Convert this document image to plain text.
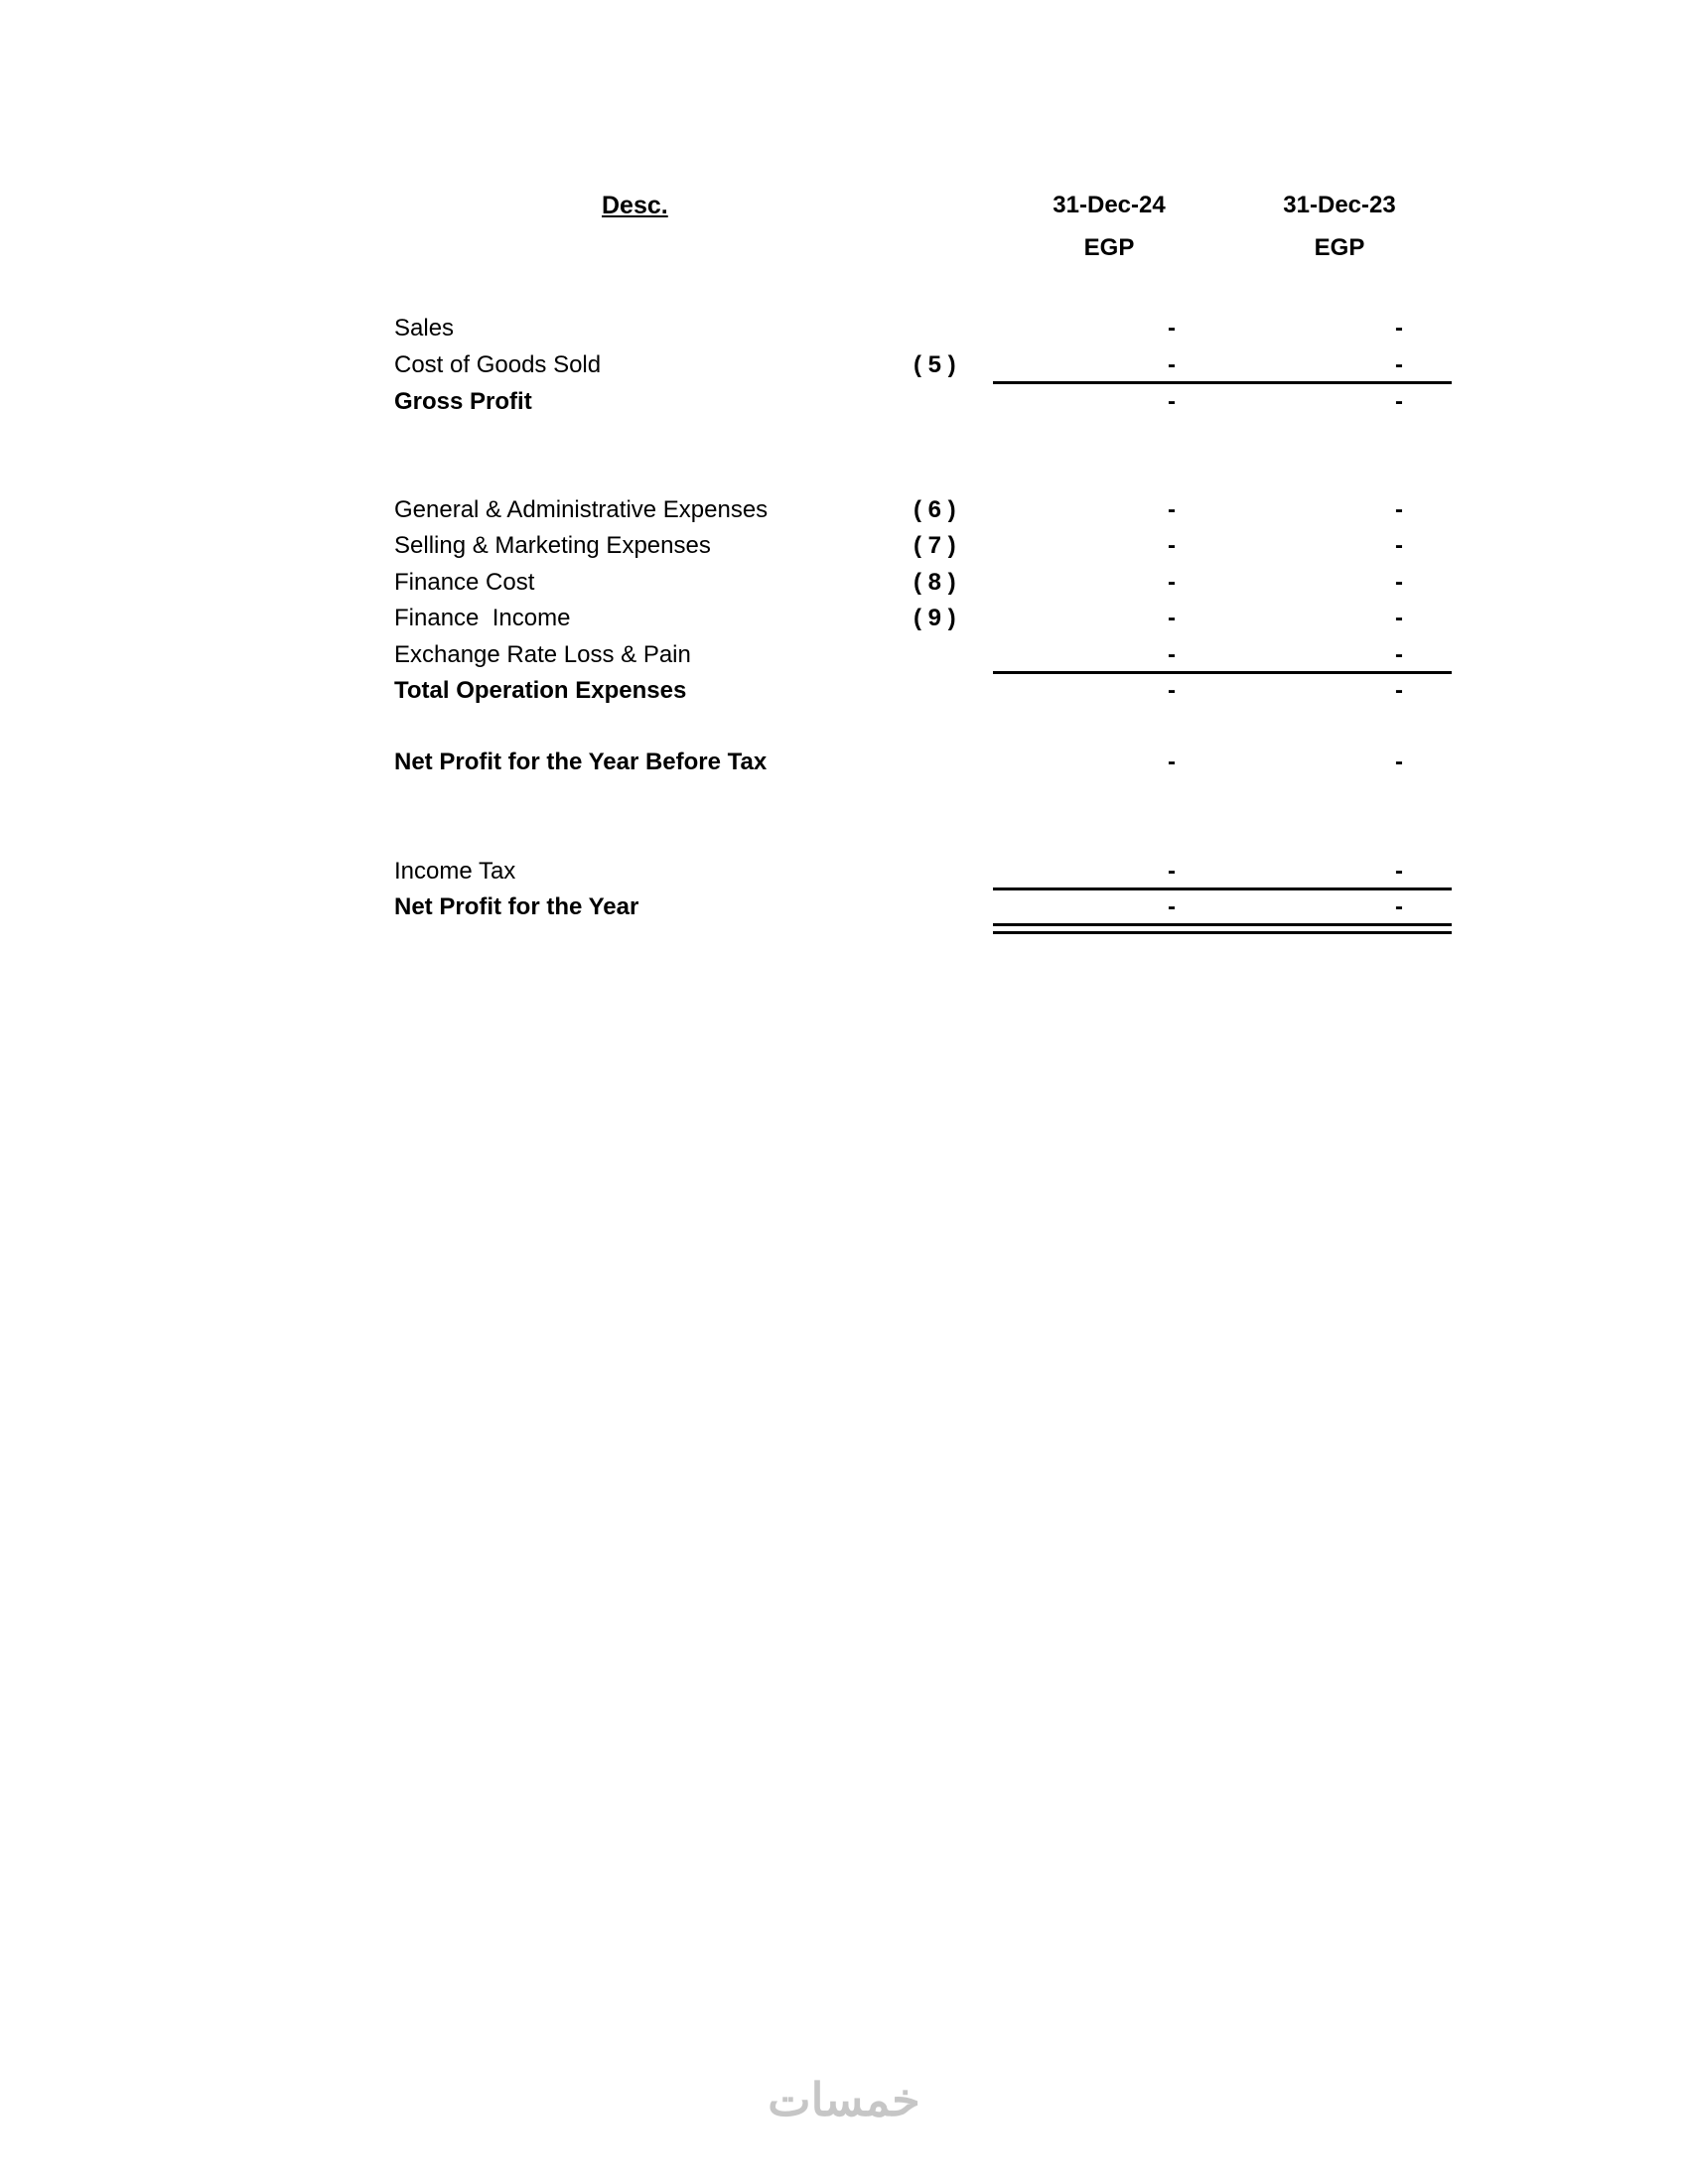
Desc.	31-Dec-24	31-Dec-23
EGP	EGP
Sales	-	-
Cost of Goods Sold	( 5 )	-	-
Gross Profit	-	-
General & Administrative Expenses	( 6 )	-	-
Selling & Marketing Expenses	( 7 )	-	-
Finance Cost	( 8 )	-	-
Finance  Income	( 9 )	-	-
Exchange Rate Loss & Pain	-	-
Total Operation Expenses	-	-
Net Profit for the Year Before Tax	-	-
Income Tax	-	-
Net Profit for the Year	-	-
خمسات
